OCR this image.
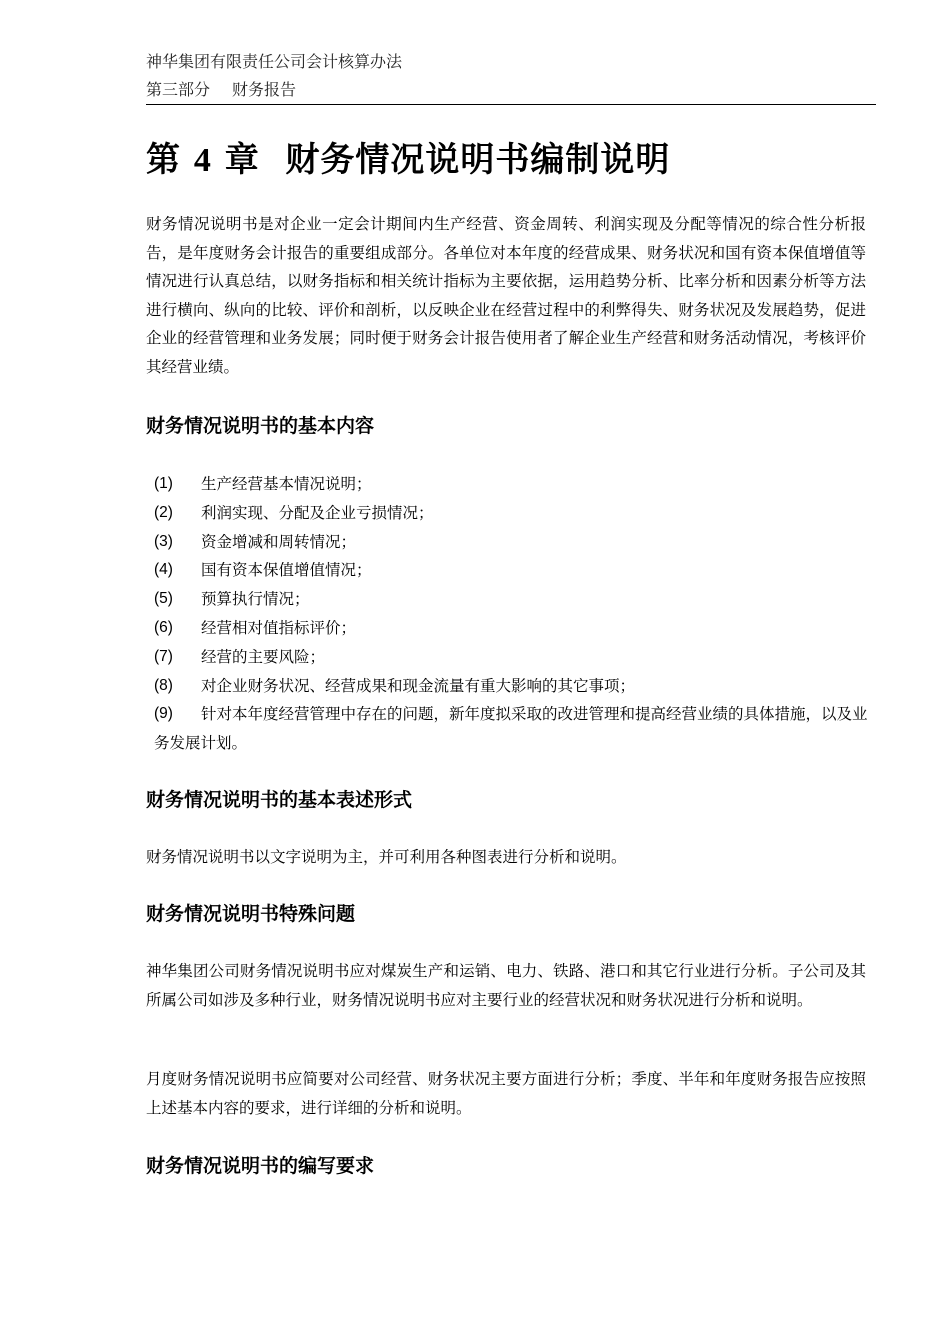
神华集团有限责任公司会计核算办法
第三部分 财务报告
第 4 章 财务情况说明书编制说明

财务情况说明书是对企业一定会计期间内生产经营、资金周转、利润实现及分配等情况的综合性分析报告，是年度财务会计报告的重要组成部分。各单位对本年度的经营成果、财务状况和国有资本保值增值等情况进行认真总结，以财务指标和相关统计指标为主要依据，运用趋势分析、比率分析和因素分析等方法进行横向、纵向的比较、评价和剖析，以反映企业在经营过程中的利弊得失、财务状况及发展趋势，促进企业的经营管理和业务发展；同时便于财务会计报告使用者了解企业生产经营和财务活动情况，考核评价其经营业绩。

财务情况说明书的基本内容
(1) 生产经营基本情况说明；
(2) 利润实现、分配及企业亏损情况；
(3) 资金增减和周转情况；
(4) 国有资本保值增值情况；
(5) 预算执行情况；
(6) 经营相对值指标评价；
(7) 经营的主要风险；
(8) 对企业财务状况、经营成果和现金流量有重大影响的其它事项；
(9) 针对本年度经营管理中存在的问题，新年度拟采取的改进管理和提高经营业绩的具体措施，以及业务发展计划。
财务情况说明书的基本表述形式

财务情况说明书以文字说明为主，并可利用各种图表进行分析和说明。

财务情况说明书特殊问题

神华集团公司财务情况说明书应对煤炭生产和运销、电力、铁路、港口和其它行业进行分析。子公司及其所属公司如涉及多种行业，财务情况说明书应对主要行业的经营状况和财务状况进行分析和说明。

月度财务情况说明书应简要对公司经营、财务状况主要方面进行分析；季度、半年和年度财务报告应按照上述基本内容的要求，进行详细的分析和说明。

财务情况说明书的编写要求
